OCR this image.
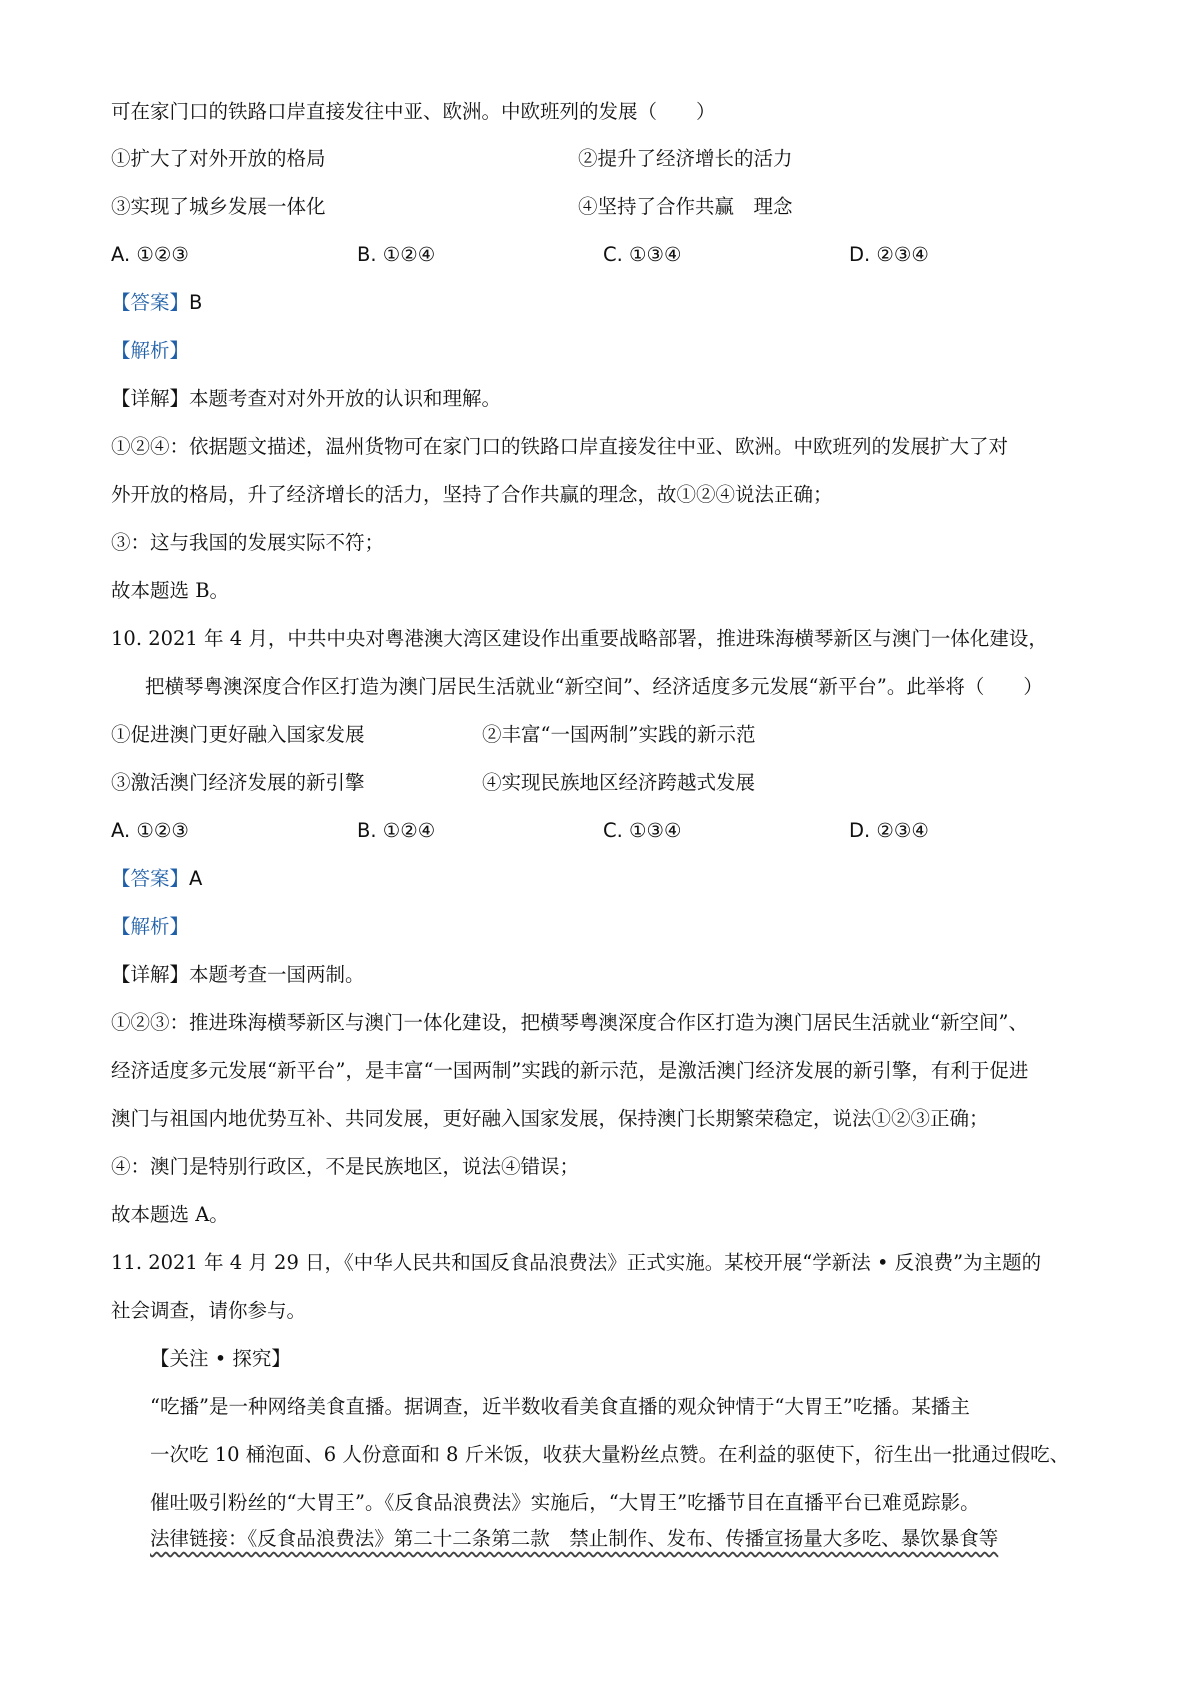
可在家门口的铁路口岸直接发往中亚、欧洲。中欧班列的发展（　　）
①扩大了对外开放的格局	②提升了经济增长的活力
③实现了城乡发展一体化	④坚持了合作共赢　理念
A. ①②③	B. ①②④	C. ①③④	D. ②③④
【答案】B
【解析】
【详解】本题考查对对外开放的认识和理解。
①②④：依据题文描述，温州货物可在家门口的铁路口岸直接发往中亚、欧洲。中欧班列的发展扩大了对
外开放的格局，升了经济增长的活力，坚持了合作共赢的理念，故①②④说法正确；
③：这与我国的发展实际不符；
故本题选 B。
10. 2021 年 4 月，中共中央对粤港澳大湾区建设作出重要战略部署，推进珠海横琴新区与澳门一体化建设，
把横琴粤澳深度合作区打造为澳门居民生活就业“新空间”、经济适度多元发展“新平台”。此举将（　　）
①促进澳门更好融入国家发展	②丰富“一国两制”实践的新示范
③激活澳门经济发展的新引擎	④实现民族地区经济跨越式发展
A. ①②③	B. ①②④	C. ①③④	D. ②③④
【答案】A
【解析】
【详解】本题考查一国两制。
①②③：推进珠海横琴新区与澳门一体化建设，把横琴粤澳深度合作区打造为澳门居民生活就业“新空间”、
经济适度多元发展“新平台”，是丰富“一国两制”实践的新示范，是激活澳门经济发展的新引擎，有利于促进
澳门与祖国内地优势互补、共同发展，更好融入国家发展，保持澳门长期繁荣稳定，说法①②③正确；
④：澳门是特别行政区，不是民族地区，说法④错误；
故本题选 A。
11. 2021 年 4 月 29 日，《中华人民共和国反食品浪费法》正式实施。某校开展“学新法 • 反浪费”为主题的
社会调查，请你参与。
【关注 • 探究】
“吃播”是一种网络美食直播。据调查，近半数收看美食直播的观众钟情于“大胃王”吃播。某播主
一次吃 10 桶泡面、6 人份意面和 8 斤米饭，收获大量粉丝点赞。在利益的驱使下，衍生出一批通过假吃、
催吐吸引粉丝的“大胃王”。《反食品浪费法》实施后，“大胃王”吃播节目在直播平台已难觅踪影。
法律链接：《反食品浪费法》第二十二条第二款　禁止制作、发布、传播宣扬量大多吃、暴饮暴食等
